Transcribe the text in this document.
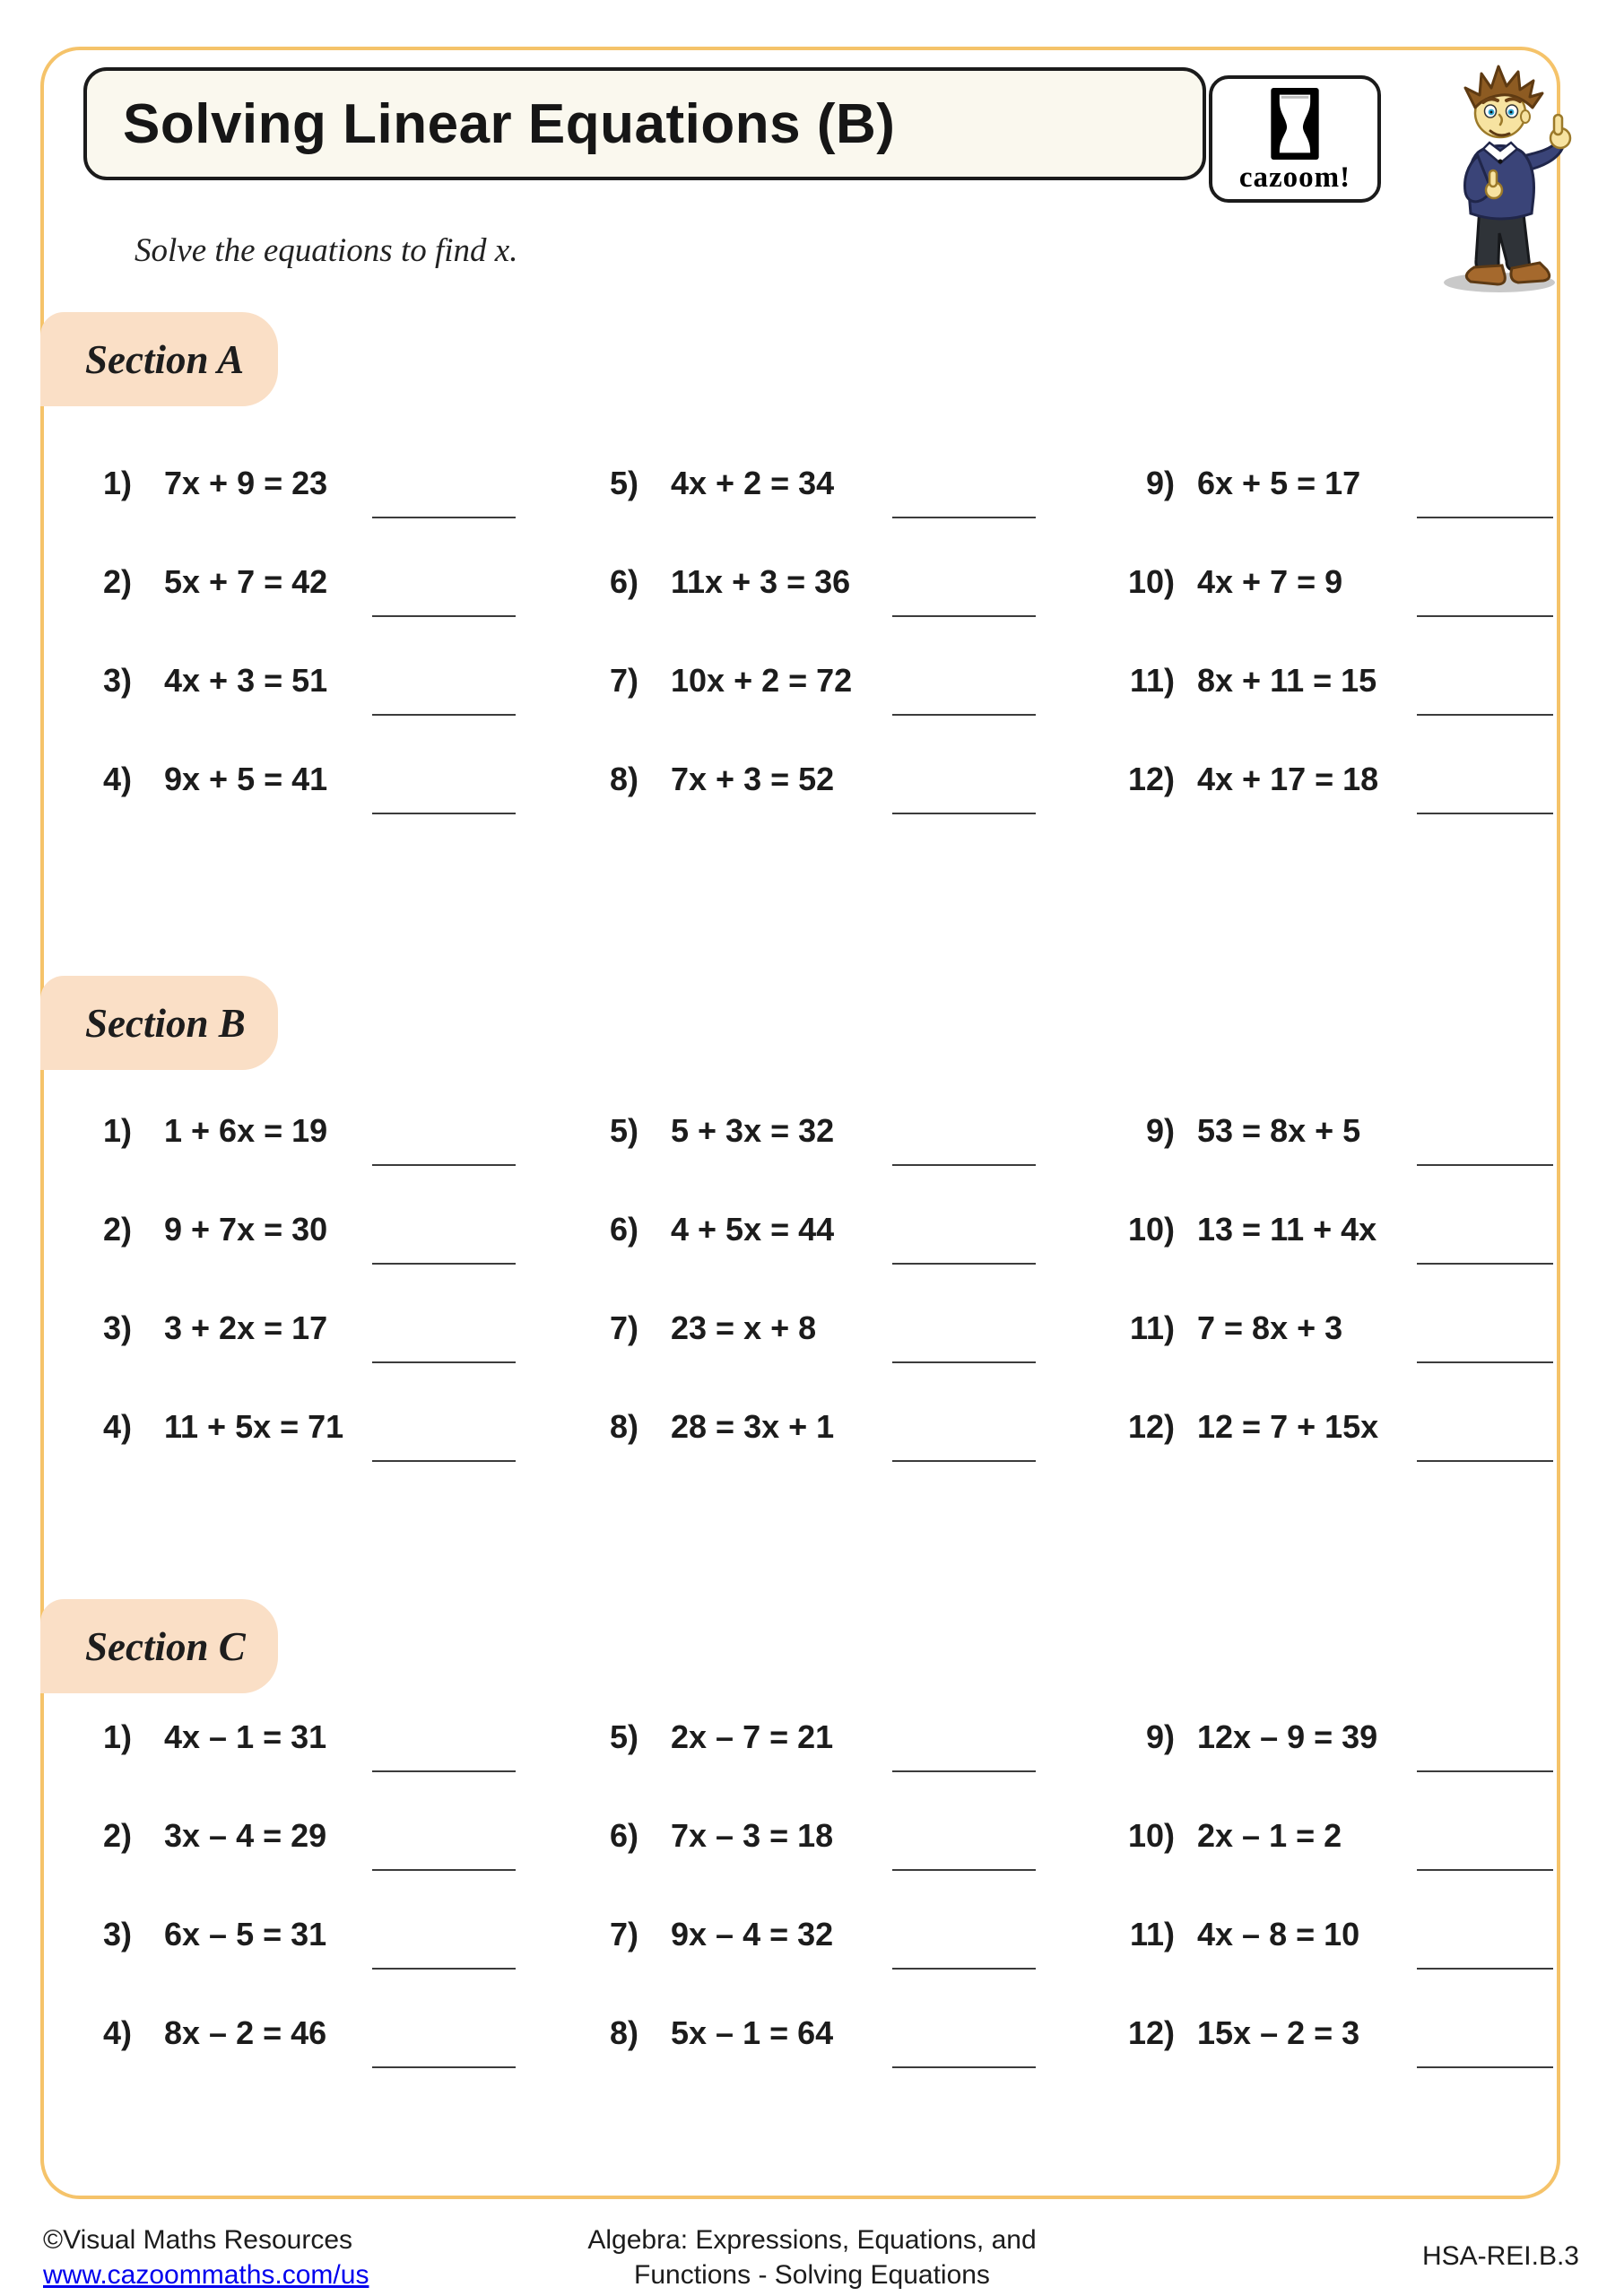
Solving Linear Equations (B)
cazoom!

Solve the equations to find x.

Section A
1) 7x + 9 = 23
2) 5x + 7 = 42
3) 4x + 3 = 51
4) 9x + 5 = 41
5) 4x + 2 = 34
6) 11x + 3 = 36
7) 10x + 2 = 72
8) 7x + 3 = 52
9) 6x + 5 = 17
10) 4x + 7 = 9
11) 8x + 11 = 15
12) 4x + 17 = 18
Section B
1) 1 + 6x = 19
2) 9 + 7x = 30
3) 3 + 2x = 17
4) 11 + 5x = 71
5) 5 + 3x = 32
6) 4 + 5x = 44
7) 23 = x + 8
8) 28 = 3x + 1
9) 53 = 8x + 5
10) 13 = 11 + 4x
11) 7 = 8x + 3
12) 12 = 7 + 15x
Section C
1) 4x – 1 = 31
2) 3x – 4 = 29
3) 6x – 5 = 31
4) 8x – 2 = 46
5) 2x – 7 = 21
6) 7x – 3 = 18
7) 9x – 4 = 32
8) 5x – 1 = 64
9) 12x – 9 = 39
10) 2x – 1 = 2
11) 4x – 8 = 10
12) 15x – 2 = 3
©Visual Maths Resources
www.cazoommaths.com/us
Algebra: Expressions, Equations, and
Functions - Solving Equations
HSA-REI.B.3
